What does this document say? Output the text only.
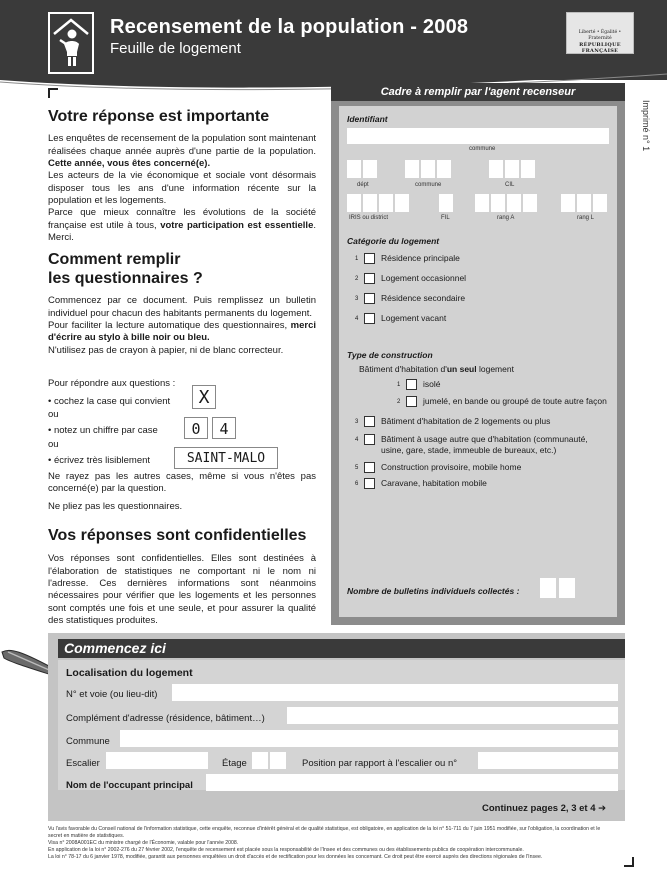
Recensement de la population - 2008
Feuille de logement
Liberté • Égalité • Fraternité
RÉPUBLIQUE FRANÇAISE
Imprimé n° 1
Votre réponse est importante

Les enquêtes de recensement de la population sont maintenant réalisées chaque année auprès d'une partie de la population. Cette année, vous êtes concerné(e).
Les acteurs de la vie économique et sociale vont désormais disposer tous les ans d'une information récente sur la population et les logements.
Parce que mieux connaître les évolutions de la société française est utile à tous, votre participation est essentielle. Merci.

Comment remplir
les questionnaires ?

Commencez par ce document. Puis remplissez un bulletin individuel pour chacun des habitants permanents du logement.

Pour faciliter la lecture automatique des questionnaires, merci d'écrire au stylo à bille noir ou bleu.

N'utilisez pas de crayon à papier, ni de blanc correcteur.

Pour répondre aux questions :
• cochez la case qui convient	X
ou
• notez un chiffre par case	0	4
ou
• écrivez très lisiblement	SAINT-MALO

Ne rayez pas les autres cases, même si vous n'êtes pas concerné(e) par la question.

Ne pliez pas les questionnaires.

Vos réponses sont confidentielles

Vos réponses sont confidentielles. Elles sont destinées à l'élaboration de statistiques ne comportant ni le nom ni l'adresse. Ces dernières informations sont néanmoins nécessaires pour vérifier que les logements et les personnes sont comptés une fois et une seule, et pour assurer la qualité des statistiques produites.

Cadre à remplir par l'agent recenseur
Identifiant
commune
dépt	commune	CIL
IRIS ou district	FIL	rang A	rang L
Catégorie du logement
1	Résidence principale
2	Logement occasionnel
3	Résidence secondaire
4	Logement vacant
Type de construction
Bâtiment d'habitation d'un seul logement
1	isolé
2	jumelé, en bande ou groupé de toute autre façon
3	Bâtiment d'habitation de 2 logements ou plus
4	Bâtiment à usage autre que d'habitation (communauté, usine, gare, stade, immeuble de bureaux, etc.)
5	Construction provisoire, mobile home
6	Caravane, habitation mobile
Nombre de bulletins individuels collectés :
Commencez ici
Localisation du logement
N° et voie (ou lieu-dit)
Complément d'adresse (résidence, bâtiment…)
Commune
Escalier	Étage	Position par rapport à l'escalier ou n°
Nom de l'occupant principal
Continuez pages 2, 3 et 4 ➔
Vu l'avis favorable du Conseil national de l'information statistique, cette enquête, reconnue d'intérêt général et de qualité statistique, est obligatoire, en application de la loi n° 51-711 du 7 juin 1951 modifiée, sur l'obligation, la coordination et le secret en matière de statistiques.
Visa n° 2008A001EC du ministre chargé de l'Économie, valable pour l'année 2008.
En application de la loi n° 2002-276 du 27 février 2002, l'enquête de recensement est placée sous la responsabilité de l'Insee et des communes ou des établissements publics de coopération intercommunale.
La loi n° 78-17 du 6 janvier 1978, modifiée, garantit aux personnes enquêtées un droit d'accès et de rectification pour les données les concernant. Ce droit peut être exercé auprès des directions régionales de l'Insee.
